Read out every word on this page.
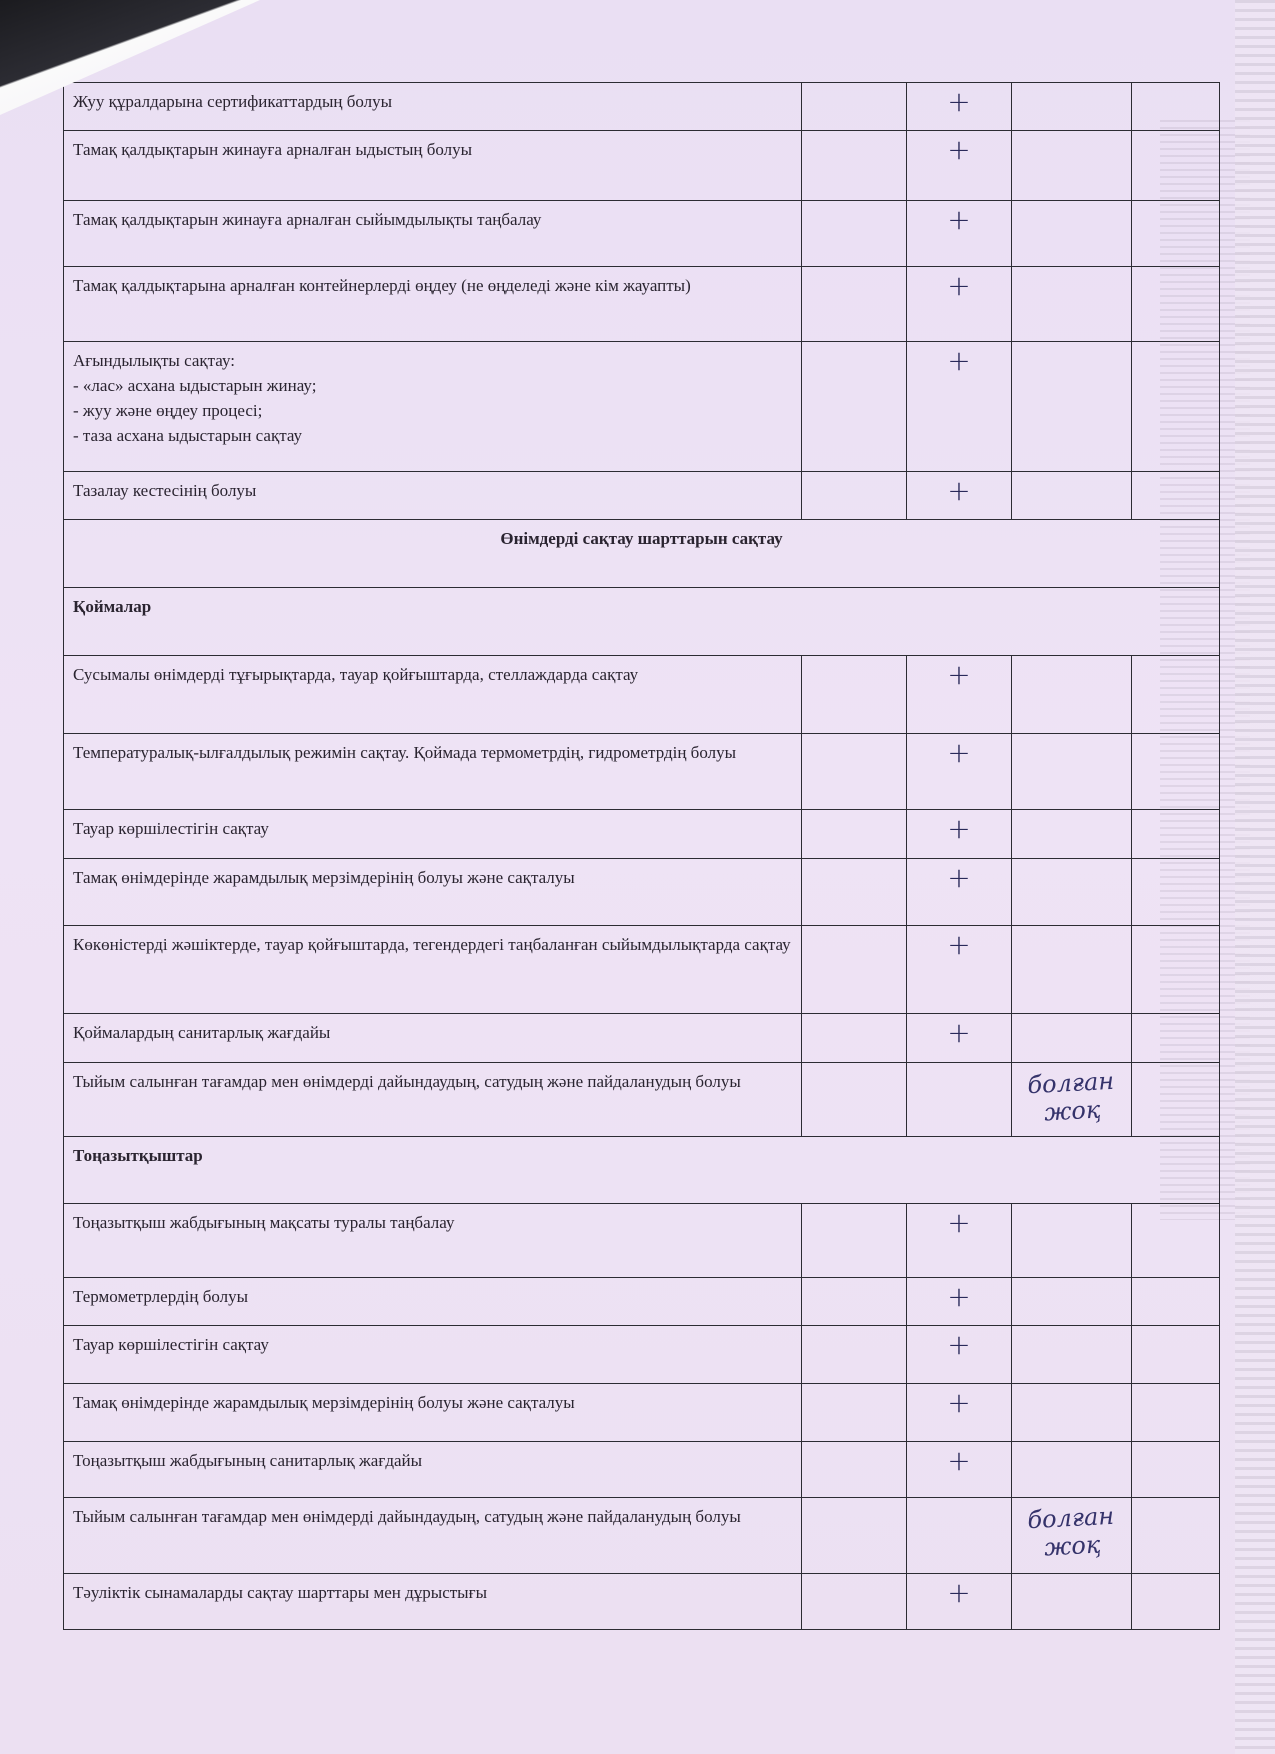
Жуу құралдарына сертификаттардың болуы		+		
Тамақ қалдықтарын жинауға арналған ыдыстың болуы		+		
Тамақ қалдықтарын жинауға арналған сыйымдылықты таңбалау		+		
Тамақ қалдықтарына арналған контейнерлерді өңдеу (не өңделеді және кім жауапты)		+		

Ағындылықты сақтау:
- «лас» асхана ыдыстарын жинау;
- жуу және өңдеу процесі;
- таза асхана ыдыстарын сақтау		+		
Тазалау кестесінің болуы		+		
Өнімдерді сақтау шарттарын сақтау				
Қоймалар				
Сусымалы өнімдерді тұғырықтарда, тауар қойғыштарда, стеллаждарда сақтау		+		
Температуралық-ылғалдылық режимін сақтау. Қоймада термометрдің, гидрометрдің болуы		+		
Тауар көршілестігін сақтау		+		
Тамақ өнімдерінде жарамдылық мерзімдерінің болуы және сақталуы		+		
Көкөністерді жәшіктерде, тауар қойғыштарда, тегендердегі таңбаланған сыйымдылықтарда сақтау		+		
Қоймалардың санитарлық жағдайы		+		
Тыйым салынған тағамдар мен өнімдерді дайындаудың, сатудың және пайдаланудың болуы			болған жоқ	
Тоңазытқыштар				
Тоңазытқыш жабдығының мақсаты туралы таңбалау		+		
Термометрлердің болуы		+		
Тауар көршілестігін сақтау		+		
Тамақ өнімдерінде жарамдылық мерзімдерінің болуы және сақталуы		+		
Тоңазытқыш жабдығының санитарлық жағдайы		+		
Тыйым салынған тағамдар мен өнімдерді дайындаудың, сатудың және пайдаланудың болуы			болған жоқ	
Тәуліктік сынамаларды сақтау шарттары мен дұрыстығы		+		
